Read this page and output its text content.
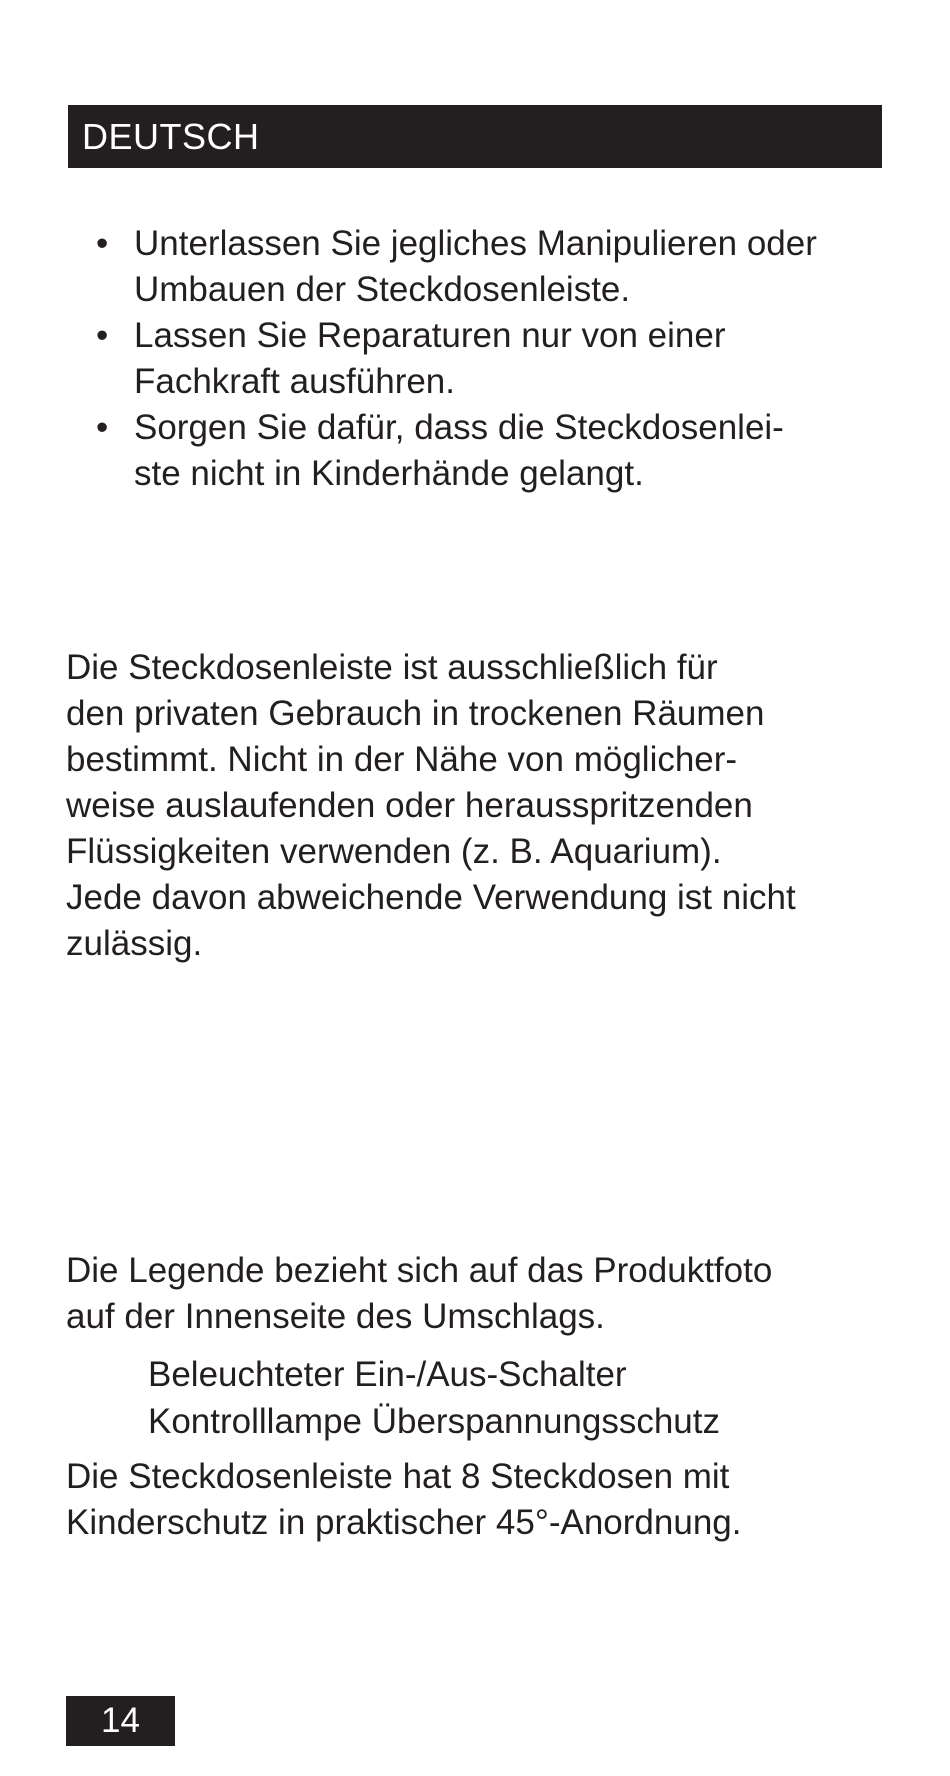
DEUTSCH
• Unterlassen Sie jegliches Manipulieren oder
Umbauen der Steckdosenleiste.
• Lassen Sie Reparaturen nur von einer
Fachkraft ausführen.
• Sorgen Sie dafür, dass die Steckdosenlei-
ste nicht in Kinderhände gelangt.

Die Steckdosenleiste ist ausschließlich für
den privaten Gebrauch in trockenen Räumen
bestimmt. Nicht in der Nähe von möglicher-
weise auslaufenden oder herausspritzenden
Flüssigkeiten verwenden (z. B. Aquarium).
Jede davon abweichende Verwendung ist nicht
zulässig.

Die Legende bezieht sich auf das Produktfoto
auf der Innenseite des Umschlags.

Beleuchteter Ein-/Aus-Schalter
Kontrolllampe Überspannungsschutz

Die Steckdosenleiste hat 8 Steckdosen mit
Kinderschutz in praktischer 45°-Anordnung.

14
